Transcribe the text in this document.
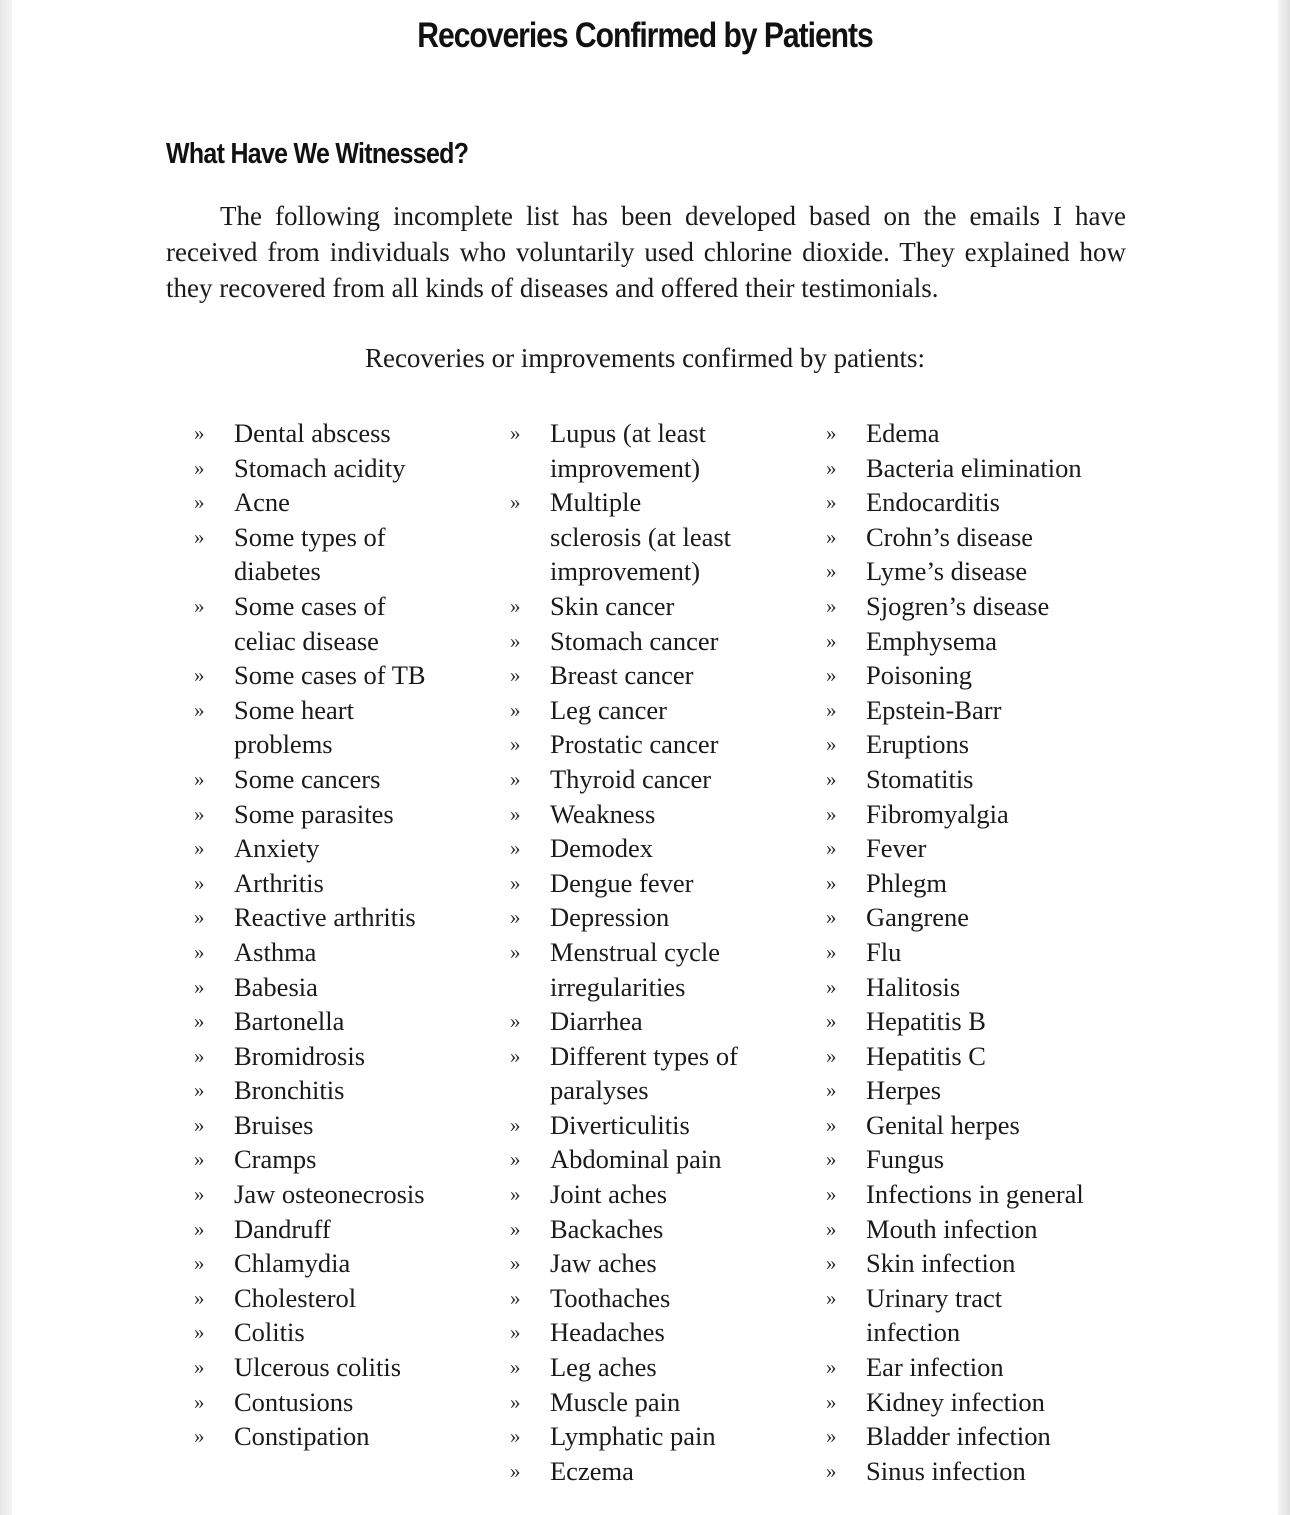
Recoveries Confirmed by Patients
What Have We Witnessed?

The following incomplete list has been developed based on the emails I have received from individuals who voluntarily used chlorine dioxide. They explained how they recovered from all kinds of diseases and offered their testimonials.

Recoveries or improvements confirmed by patients:
» Dental abscess
» Stomach acidity
» Acne
» Some types of
diabetes
» Some cases of
celiac disease
» Some cases of TB
» Some heart
problems
» Some cancers
» Some parasites
» Anxiety
» Arthritis
» Reactive arthritis
» Asthma
» Babesia
» Bartonella
» Bromidrosis
» Bronchitis
» Bruises
» Cramps
» Jaw osteonecrosis
» Dandruff
» Chlamydia
» Cholesterol
» Colitis
» Ulcerous colitis
» Contusions
» Constipation
» Lupus (at least
improvement)
» Multiple
sclerosis (at least
improvement)
» Skin cancer
» Stomach cancer
» Breast cancer
» Leg cancer
» Prostatic cancer
» Thyroid cancer
» Weakness
» Demodex
» Dengue fever
» Depression
» Menstrual cycle
irregularities
» Diarrhea
» Different types of
paralyses
» Diverticulitis
» Abdominal pain
» Joint aches
» Backaches
» Jaw aches
» Toothaches
» Headaches
» Leg aches
» Muscle pain
» Lymphatic pain
» Eczema
» Edema
» Bacteria elimination
» Endocarditis
» Crohn’s disease
» Lyme’s disease
» Sjogren’s disease
» Emphysema
» Poisoning
» Epstein-Barr
» Eruptions
» Stomatitis
» Fibromyalgia
» Fever
» Phlegm
» Gangrene
» Flu
» Halitosis
» Hepatitis B
» Hepatitis C
» Herpes
» Genital herpes
» Fungus
» Infections in general
» Mouth infection
» Skin infection
» Urinary tract
infection
» Ear infection
» Kidney infection
» Bladder infection
» Sinus infection
